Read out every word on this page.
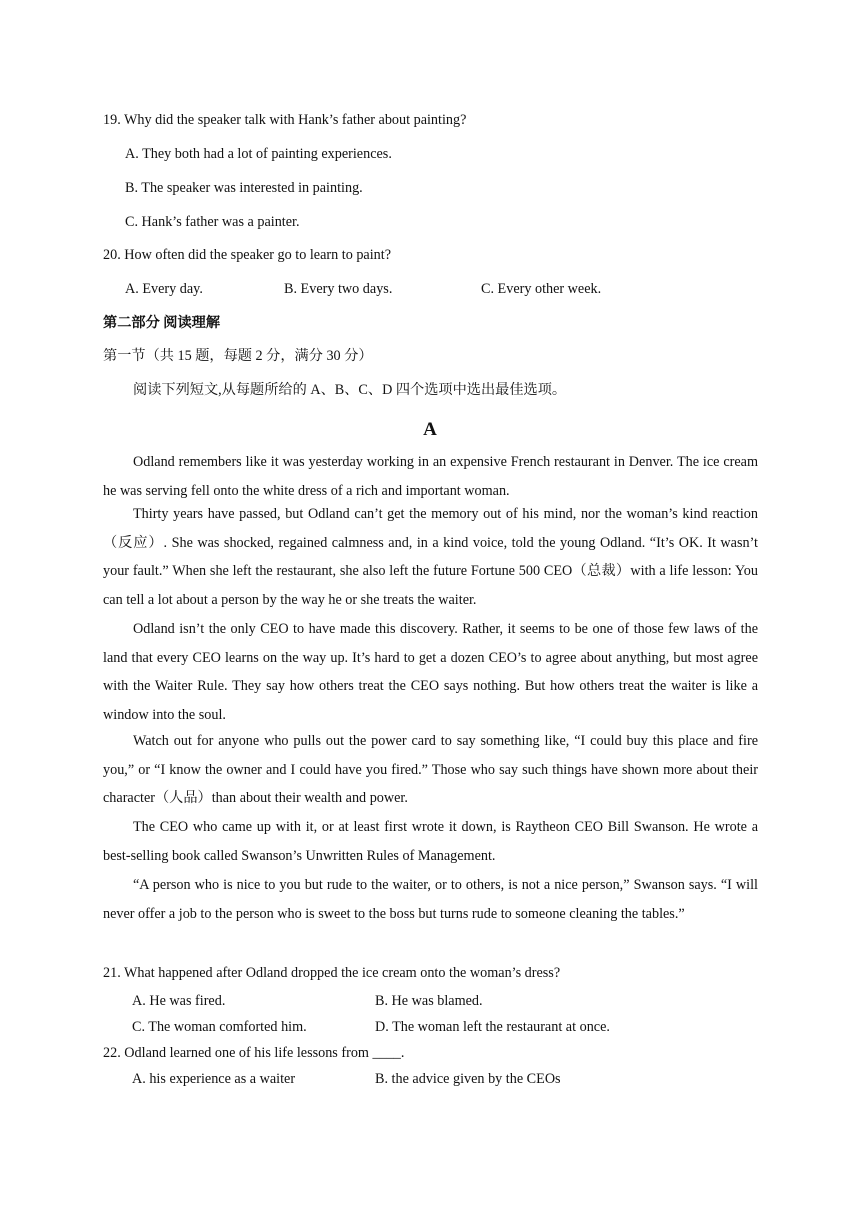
19. Why did the speaker talk with Hank’s father about painting?
A. They both had a lot of painting experiences.
B. The speaker was interested in painting.
C. Hank’s father was a painter.
20. How often did the speaker go to learn to paint?
A. Every day.	B. Every two days.	C. Every other week.
第二部分 阅读理解
第一节（共 15 题，每题 2 分，满分 30 分）
阅读下列短文,从每题所给的 A、B、C、D 四个选项中选出最佳选项。
A
Odland remembers like it was yesterday working in an expensive French restaurant in Denver. The ice cream he was serving fell onto the white dress of a rich and important woman.
Thirty years have passed, but Odland can’t get the memory out of his mind, nor the woman’s kind reaction（反应）. She was shocked, regained calmness and, in a kind voice, told the young Odland. “It’s OK. It wasn’t your fault.” When she left the restaurant, she also left the future Fortune 500 CEO（总裁）with a life lesson: You can tell a lot about a person by the way he or she treats the waiter.
Odland isn’t the only CEO to have made this discovery. Rather, it seems to be one of those few laws of the land that every CEO learns on the way up. It’s hard to get a dozen CEO’s to agree about anything, but most agree with the Waiter Rule. They say how others treat the CEO says nothing. But how others treat the waiter is like a window into the soul.
Watch out for anyone who pulls out the power card to say something like, “I could buy this place and fire you,” or “I know the owner and I could have you fired.” Those who say such things have shown more about their character（人品）than about their wealth and power.
The CEO who came up with it, or at least first wrote it down, is Raytheon CEO Bill Swanson. He wrote a best-selling book called Swanson’s Unwritten Rules of Management.
“A person who is nice to you but rude to the waiter, or to others, is not a nice person,” Swanson says. “I will never offer a job to the person who is sweet to the boss but turns rude to someone cleaning the tables.”
21. What happened after Odland dropped the ice cream onto the woman’s dress?
A. He was fired.	B. He was blamed.
C. The woman comforted him.	D. The woman left the restaurant at once.
22. Odland learned one of his life lessons from ____.
A. his experience as a waiter	B. the advice given by the CEOs
